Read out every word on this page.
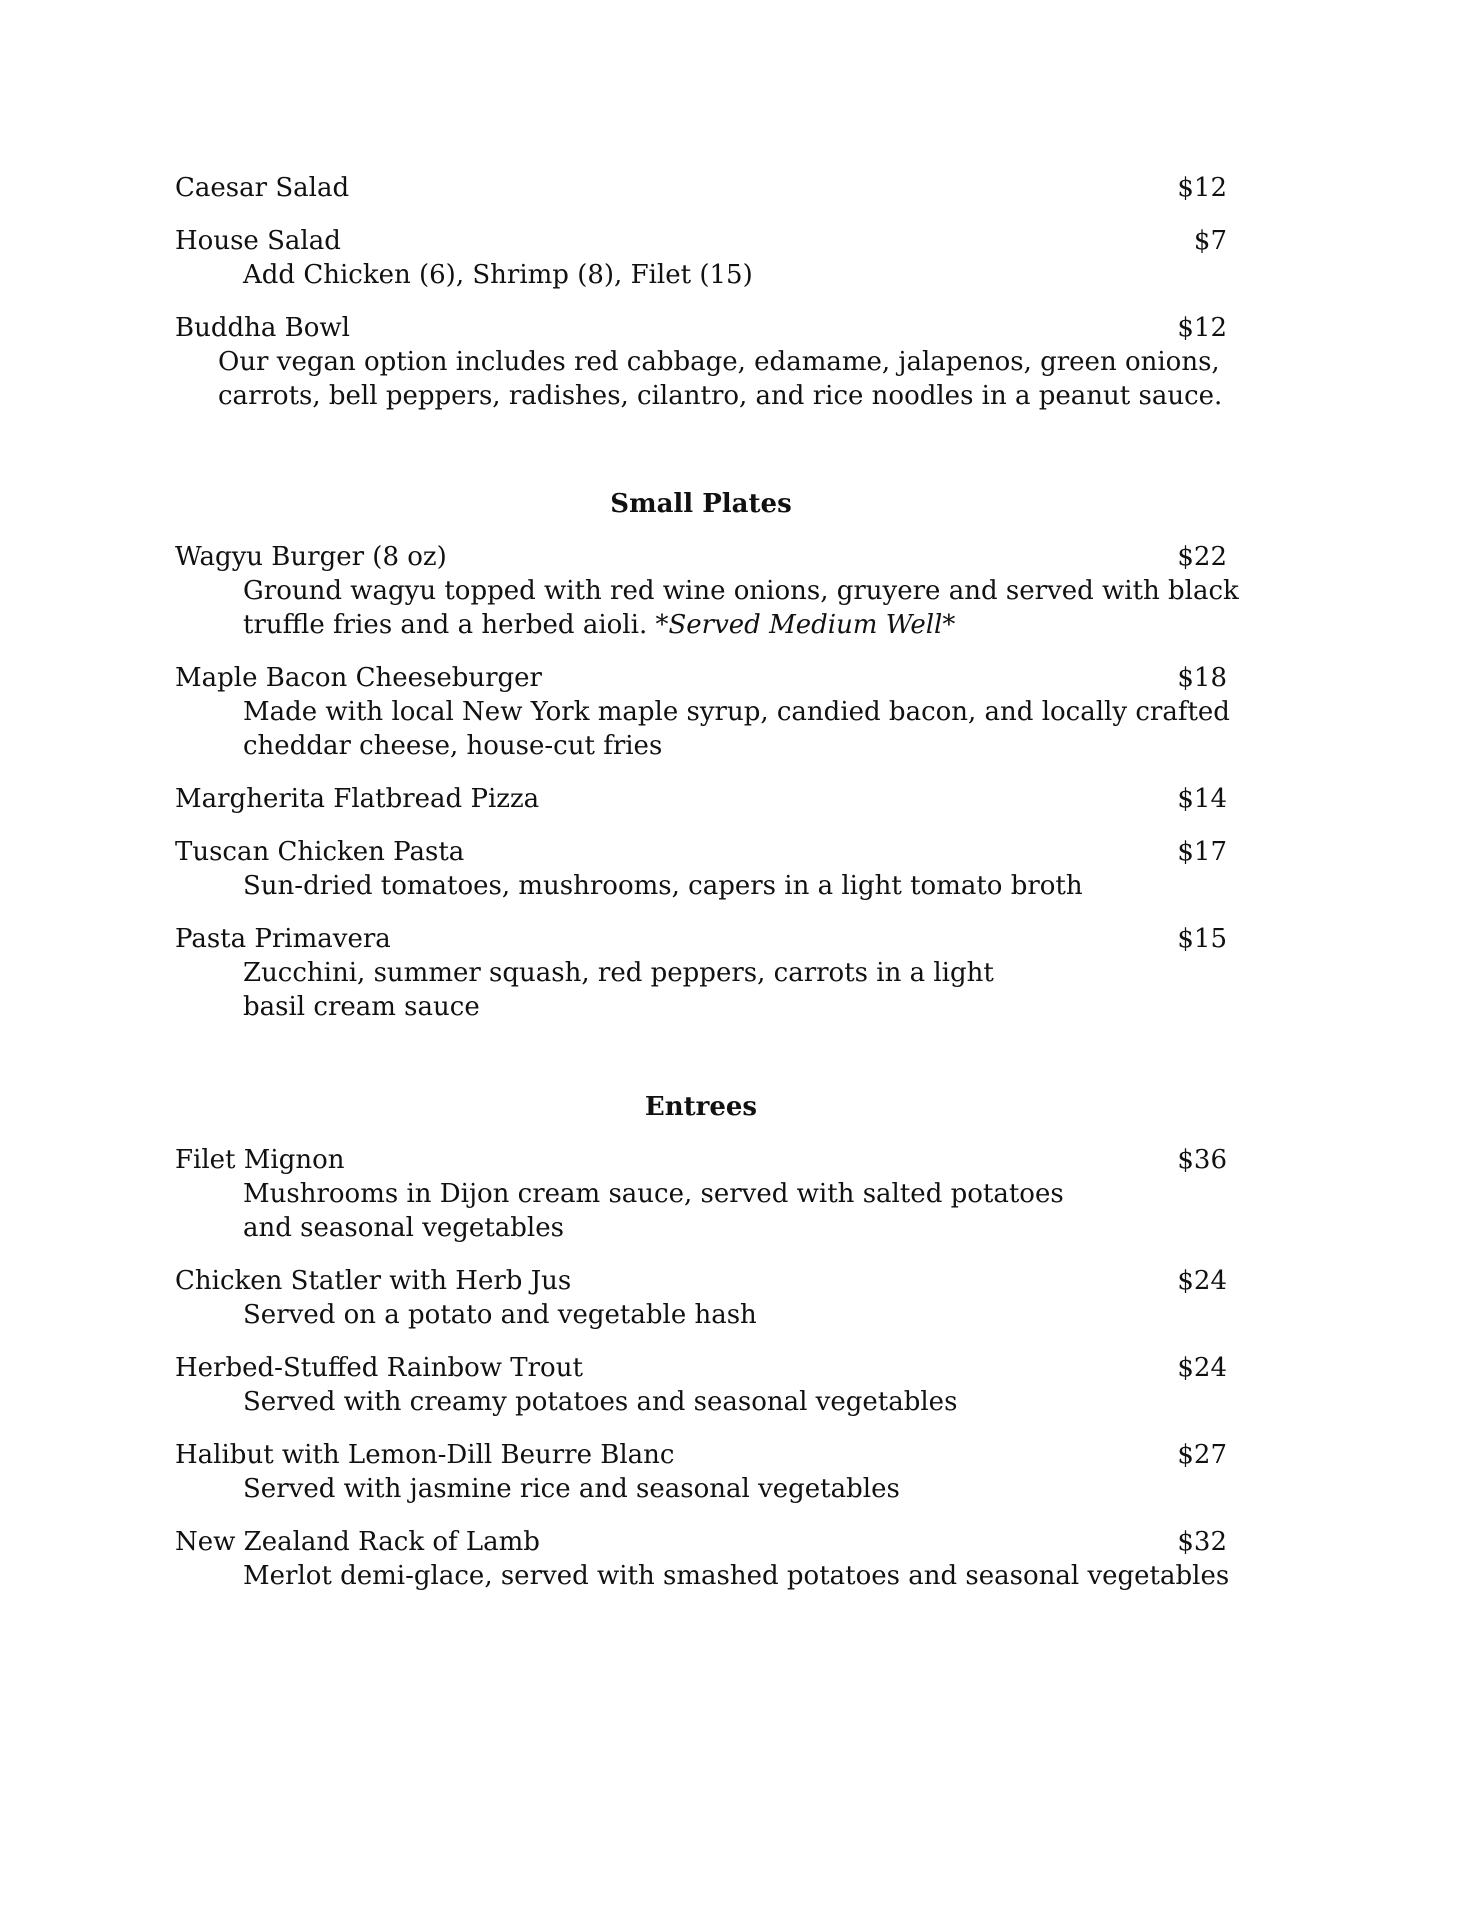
Caesar Salad	$12
House Salad	$7
Add Chicken (6), Shrimp (8), Filet (15)
Buddha Bowl	$12
Our vegan option includes red cabbage, edamame, jalapenos, green onions,
carrots, bell peppers, radishes, cilantro, and rice noodles in a peanut sauce.
Small Plates
Wagyu Burger (8 oz)	$22
Ground wagyu topped with red wine onions, gruyere and served with black
truffle fries and a herbed aioli. *Served Medium Well*
Maple Bacon Cheeseburger	$18
Made with local New York maple syrup, candied bacon, and locally crafted
cheddar cheese, house-cut fries
Margherita Flatbread Pizza	$14
Tuscan Chicken Pasta	$17
Sun-dried tomatoes, mushrooms, capers in a light tomato broth
Pasta Primavera	$15
Zucchini, summer squash, red peppers, carrots in a light
basil cream sauce
Entrees
Filet Mignon	$36
Mushrooms in Dijon cream sauce, served with salted potatoes
and seasonal vegetables
Chicken Statler with Herb Jus	$24
Served on a potato and vegetable hash
Herbed-Stuffed Rainbow Trout	$24
Served with creamy potatoes and seasonal vegetables
Halibut with Lemon-Dill Beurre Blanc	$27
Served with jasmine rice and seasonal vegetables
New Zealand Rack of Lamb	$32
Merlot demi-glace, served with smashed potatoes and seasonal vegetables
